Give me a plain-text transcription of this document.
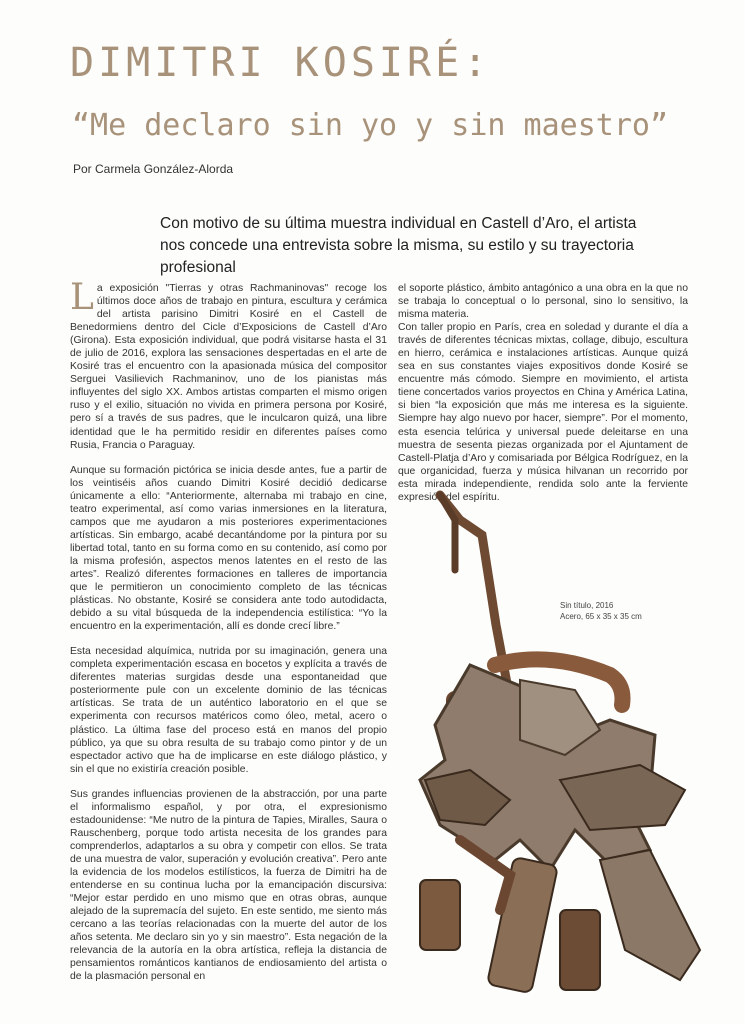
DIMITRI KOSIRÉ:
“Me declaro sin yo y sin maestro”
Por Carmela González-Alorda

Con motivo de su última muestra individual en Castell d’Aro, el artista nos concede una entrevista sobre la misma, su estilo y su trayectoria profesional

La exposición "Tierras y otras Rachmaninovas" recoge los últimos doce años de trabajo en pintura, escultura y cerámica del artista parisino Dimitri Kosiré en el Castell de Benedormiens dentro del Cicle d’Exposicions de Castell d’Aro (Girona). Esta exposición individual, que podrá visitarse hasta el 31 de julio de 2016, explora las sensaciones despertadas en el arte de Kosiré tras el encuentro con la apasionada música del compositor Serguei Vasilievich Rachmaninov, uno de los pianistas más influyentes del siglo XX. Ambos artistas comparten el mismo origen ruso y el exilio, situación no vivida en primera persona por Kosiré, pero sí a través de sus padres, que le inculcaron quizá, una libre identidad que le ha permitido residir en diferentes países como Rusia, Francia o Paraguay.

Aunque su formación pictórica se inicia desde antes, fue a partir de los veintiséis años cuando Dimitri Kosiré decidió dedicarse únicamente a ello: “Anteriormente, alternaba mi trabajo en cine, teatro experimental, así como varias inmersiones en la literatura, campos que me ayudaron a mis posteriores experimentaciones artísticas. Sin embargo, acabé decantándome por la pintura por su libertad total, tanto en su forma como en su contenido, así como por la misma profesión, aspectos menos latentes en el resto de las artes”. Realizó diferentes formaciones en talleres de importancia que le permitieron un conocimiento completo de las técnicas plásticas. No obstante, Kosiré se considera ante todo autodidacta, debido a su vital búsqueda de la independencia estilística: “Yo la encuentro en la experimentación, allí es donde crecí libre.”

Esta necesidad alquímica, nutrida por su imaginación, genera una completa experimentación escasa en bocetos y explícita a través de diferentes materias surgidas desde una espontaneidad que posteriormente pule con un excelente dominio de las técnicas artísticas. Se trata de un auténtico laboratorio en el que se experimenta con recursos matéricos como óleo, metal, acero o plástico. La última fase del proceso está en manos del propio público, ya que su obra resulta de su trabajo como pintor y de un espectador activo que ha de implicarse en este diálogo plástico, y sin el que no existiría creación posible.

Sus grandes influencias provienen de la abstracción, por una parte el informalismo español, y por otra, el expresionismo estadounidense: “Me nutro de la pintura de Tapies, Miralles, Saura o Rauschenberg, porque todo artista necesita de los grandes para comprenderlos, adaptarlos a su obra y competir con ellos. Se trata de una muestra de valor, superación y evolución creativa”. Pero ante la evidencia de los modelos estilísticos, la fuerza de Dimitri ha de entenderse en su continua lucha por la emancipación discursiva: “Mejor estar perdido en uno mismo que en otras obras, aunque alejado de la supremacía del sujeto. En este sentido, me siento más cercano a las teorías relacionadas con la muerte del autor de los años setenta. Me declaro sin yo y sin maestro”. Esta negación de la relevancia de la autoría en la obra artística, refleja la distancia de pensamientos románticos kantianos de endiosamiento del artista o de la plasmación personal en

el soporte plástico, ámbito antagónico a una obra en la que no se trabaja lo conceptual o lo personal, sino lo sensitivo, la misma materia.

Con taller propio en París, crea en soledad y durante el día a través de diferentes técnicas mixtas, collage, dibujo, escultura en hierro, cerámica e instalaciones artísticas. Aunque quizá sea en sus constantes viajes expositivos donde Kosiré se encuentre más cómodo. Siempre en movimiento, el artista tiene concertados varios proyectos en China y América Latina, si bien “la exposición que más me interesa es la siguiente. Siempre hay algo nuevo por hacer, siempre”. Por el momento, esta esencia telúrica y universal puede deleitarse en una muestra de sesenta piezas organizada por el Ajuntament de Castell-Platja d’Aro y comisariada por Bélgica Rodríguez, en la que organicidad, fuerza y música hilvanan un recorrido por esta mirada independiente, rendida solo ante la ferviente expresión del espíritu.

Sin título, 2016
Acero, 65 x 35 x 35 cm
